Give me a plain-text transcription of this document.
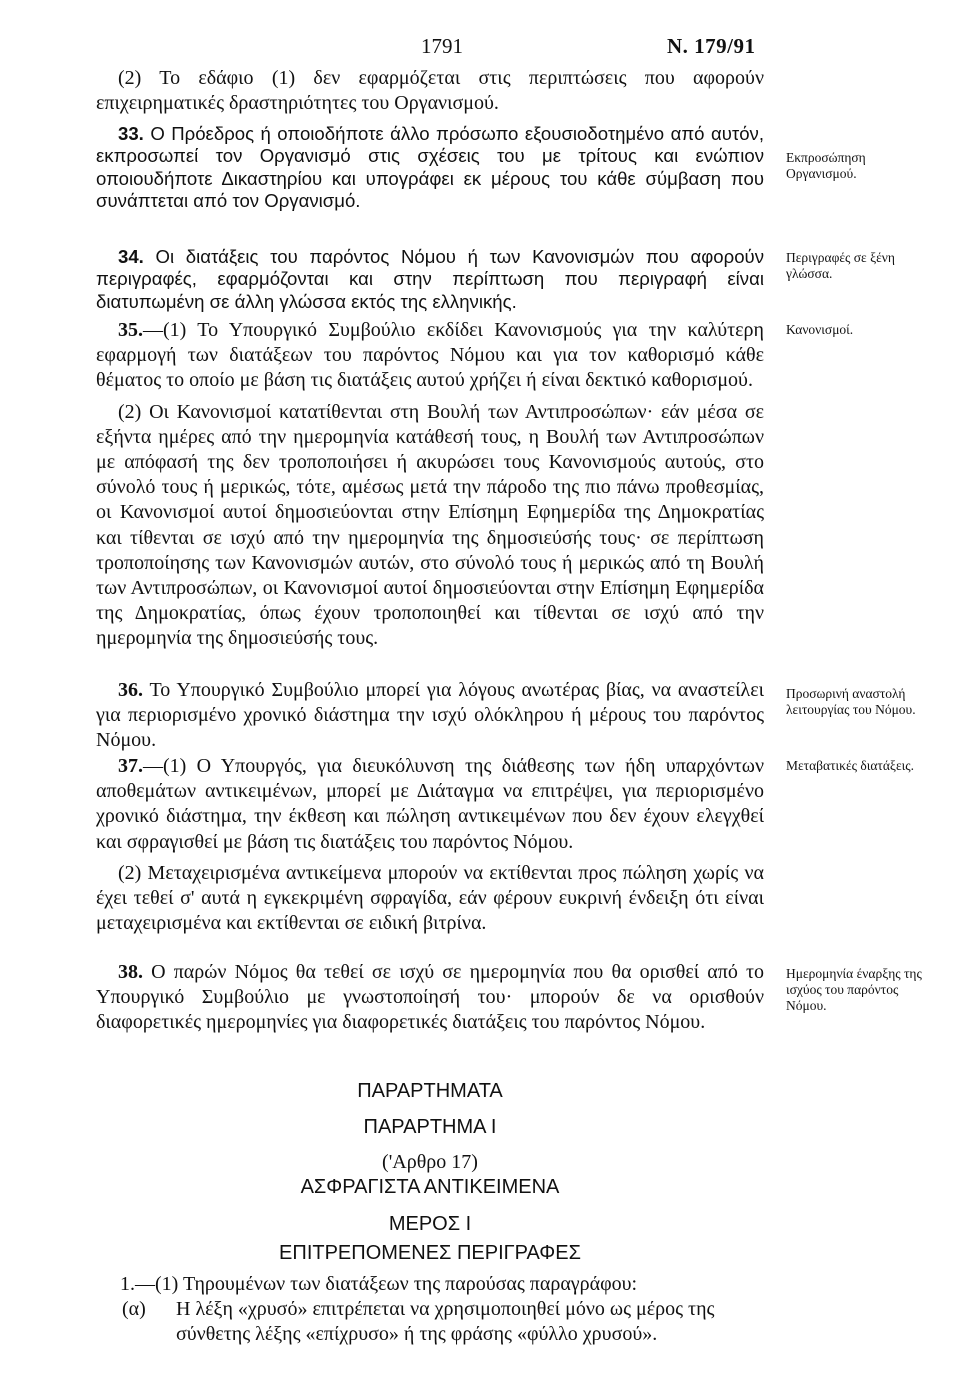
1791	Ν. 179/91

(2) Το εδάφιο (1) δεν εφαρμόζεται στις περιπτώσεις που αφορούν επιχειρηματικές δραστηριότητες του Οργανισμού.

33. Ο Πρόεδρος ή οποιοδήποτε άλλο πρόσωπο εξουσιοδοτημένο από αυτόν, εκπροσωπεί τον Οργανισμό στις σχέσεις του με τρίτους και ενώπιον οποιουδήποτε Δικαστηρίου και υπογράφει εκ μέρους του κάθε σύμβαση που συνάπτεται από τον Οργανισμό.

Εκπροσώπηση Οργανισμού.

34. Οι διατάξεις του παρόντος Νόμου ή των Κανονισμών που αφορούν περιγραφές, εφαρμόζονται και στην περίπτωση που περιγραφή είναι διατυπωμένη σε άλλη γλώσσα εκτός της ελληνικής.

Περιγραφές σε ξένη γλώσσα.

35.—(1) Το Υπουργικό Συμβούλιο εκδίδει Κανονισμούς για την καλύτερη εφαρμογή των διατάξεων του παρόντος Νόμου και για τον καθορισμό κάθε θέματος το οποίο με βάση τις διατάξεις αυτού χρήζει ή είναι δεκτικό καθορισμού.

(2) Οι Κανονισμοί κατατίθενται στη Βουλή των Αντιπροσώπων· εάν μέσα σε εξήντα ημέρες από την ημερομηνία κατάθεσή τους, η Βουλή των Αντιπροσώπων με απόφασή της δεν τροποποιήσει ή ακυρώσει τους Κανονισμούς αυτούς, στο σύνολό τους ή μερικώς, τότε, αμέσως μετά την πάροδο της πιο πάνω προθεσμίας, οι Κανονισμοί αυτοί δημοσιεύονται στην Επίσημη Εφημερίδα της Δημοκρατίας και τίθενται σε ισχύ από την ημερομηνία της δημοσιεύσής τους· σε περίπτωση τροποποίησης των Κανονισμών αυτών, στο σύνολό τους ή μερικώς από τη Βουλή των Αντιπροσώπων, οι Κανονισμοί αυτοί δημοσιεύονται στην Επίσημη Εφημερίδα της Δημοκρατίας, όπως έχουν τροποποιηθεί και τίθενται σε ισχύ από την ημερομηνία της δημοσιεύσής τους.

Κανονισμοί.

36. Το Υπουργικό Συμβούλιο μπορεί για λόγους ανωτέρας βίας, να αναστείλει για περιορισμένο χρονικό διάστημα την ισχύ ολόκληρου ή μέρους του παρόντος Νόμου.

Προσωρινή αναστολή λειτουργίας του Νόμου.

37.—(1) Ο Υπουργός, για διευκόλυνση της διάθεσης των ήδη υπαρχόντων αποθεμάτων αντικειμένων, μπορεί με Διάταγμα να επιτρέψει, για περιορισμένο χρονικό διάστημα, την έκθεση και πώληση αντικειμένων που δεν έχουν ελεγχθεί και σφραγισθεί με βάση τις διατάξεις του παρόντος Νόμου.

(2) Μεταχειρισμένα αντικείμενα μπορούν να εκτίθενται προς πώληση χωρίς να έχει τεθεί σ' αυτά η εγκεκριμένη σφραγίδα, εάν φέρουν ευκρινή ένδειξη ότι είναι μεταχειρισμένα και εκτίθενται σε ειδική βιτρίνα.

Μεταβατικές διατάξεις.

38. Ο παρών Νόμος θα τεθεί σε ισχύ σε ημερομηνία που θα ορισθεί από το Υπουργικό Συμβούλιο με γνωστοποίησή του· μπορούν δε να ορισθούν διαφορετικές ημερομηνίες για διαφορετικές διατάξεις του παρόντος Νόμου.

Ημερομηνία έναρξης της ισχύος του παρόντος Νόμου.
ΠΑΡΑΡΤΗΜΑΤΑ
ΠΑΡΑΡΤΗΜΑ Ι
('Αρθρο 17)
ΑΣΦΡΑΓΙΣΤΑ ΑΝΤΙΚΕΙΜΕΝΑ
ΜΕΡΟΣ Ι
ΕΠΙΤΡΕΠΟΜΕΝΕΣ ΠΕΡΙΓΡΑΦΕΣ
1.—(1) Τηρουμένων των διατάξεων της παρούσας παραγράφου:
(α)	Η λέξη «χρυσό» επιτρέπεται να χρησιμοποιηθεί μόνο ως μέρος της σύνθετης λέξης «επίχρυσο» ή της φράσης «φύλλο χρυσού».
